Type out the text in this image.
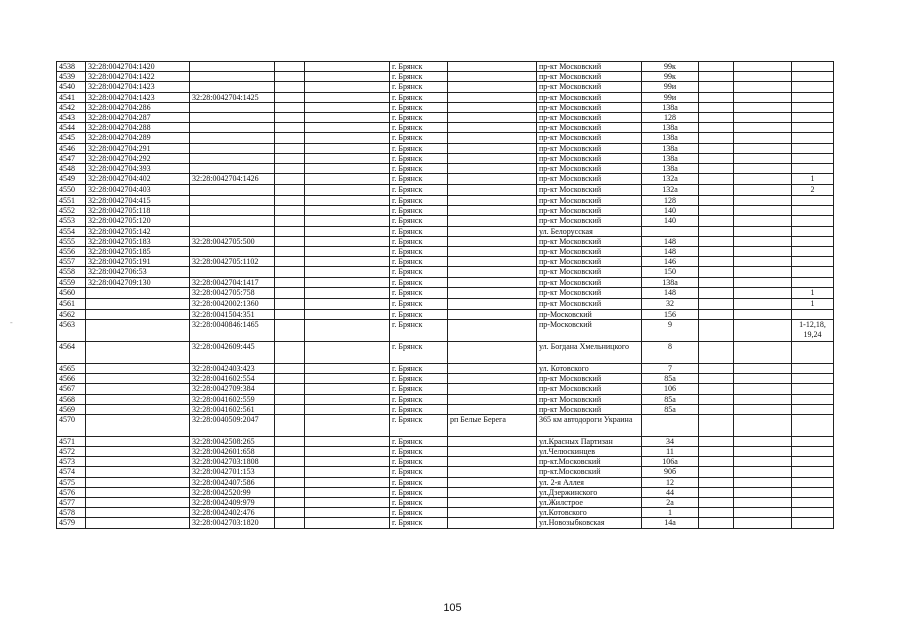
4538	32:28:0042704:1420				г. Брянск		пр-кт Московский	99к			
4539	32:28:0042704:1422				г. Брянск		пр-кт Московский	99к			
4540	32:28:0042704:1423				г. Брянск		пр-кт Московский	99и			
4541	32:28:0042704:1423	32:28:0042704:1425			г. Брянск		пр-кт Московский	99и			
4542	32:28:0042704:286				г. Брянск		пр-кт Московский	138а			
4543	32:28:0042704:287				г. Брянск		пр-кт Московский	128			
4544	32:28:0042704:288				г. Брянск		пр-кт Московский	138а			
4545	32:28:0042704:289				г. Брянск		пр-кт Московский	138а			
4546	32:28:0042704:291				г. Брянск		пр-кт Московский	138а			
4547	32:28:0042704:292				г. Брянск		пр-кт Московский	138а			
4548	32:28:0042704:393				г. Брянск		пр-кт Московский	138а			
4549	32:28:0042704:402	32:28:0042704:1426			г. Брянск		пр-кт Московский	132а			1
4550	32:28:0042704:403				г. Брянск		пр-кт Московский	132а			2
4551	32:28:0042704:415				г. Брянск		пр-кт Московский	128			
4552	32:28:0042705:118				г. Брянск		пр-кт Московский	140			
4553	32:28:0042705:120				г. Брянск		пр-кт Московский	140			
4554	32:28:0042705:142				г. Брянск		ул. Белорусская				
4555	32:28:0042705:183	32:28:0042705:500			г. Брянск		пр-кт Московский	148			
4556	32:28:0042705:185				г. Брянск		пр-кт Московский	148			
4557	32:28:0042705:191	32:28:0042705:1102			г. Брянск		пр-кт Московский	146			
4558	32:28:0042706:53				г. Брянск		пр-кт Московский	150			
4559	32:28:0042709:130	32:28:0042704:1417			г. Брянск		пр-кт Московский	138а			
4560		32:28:0042705:758			г. Брянск		пр-кт Московский	148			1
4561		32:28:0042002:1360			г. Брянск		пр-кт Московский	32			1
4562		32:28:0041504:351			г. Брянск		пр-Московский	156			
4563		32:28:0040846:1465			г. Брянск		пр-Московский	9			1-12,18, 19,24
4564		32:28:0042609:445			г. Брянск		ул. Богдана Хмельницкого	8			
4565		32:28:0042403:423			г. Брянск		ул. Котовского	7			
4566		32:28:0041602:554			г. Брянск		пр-кт Московский	85а			
4567		32:28:0042709:384			г. Брянск		пр-кт Московский	106			
4568		32:28:0041602:559			г. Брянск		пр-кт Московский	85а			
4569		32:28:0041602:561			г. Брянск		пр-кт Московский	85а			
4570		32:28:0040509:2047			г. Брянск	рп Белые Берега	365 км автодороги Украина				
4571		32:28:0042508:265			г. Брянск		ул.Красных Партизан	34			
4572		32:28:0042601:658			г. Брянск		ул.Челюскинцев	11			
4573		32:28:0042703:1808			г. Брянск		пр-кт.Московский	106а			
4574		32:28:0042701:153			г. Брянск		пр-кт.Московский	90б			
4575		32:28:0042407:586			г. Брянск		ул. 2-я Аллея	12			
4576		32:28:0042520:99			г. Брянск		ул.Дзержинского	44			
4577		32:28:0042409:979			г. Брянск		ул.Жилстрое	2а			
4578		32:28:0042402:476			г. Брянск		ул.Котовского	1			
4579		32:28:0042703:1820			г. Брянск		ул.Новозыбковская	14а			
105
-
